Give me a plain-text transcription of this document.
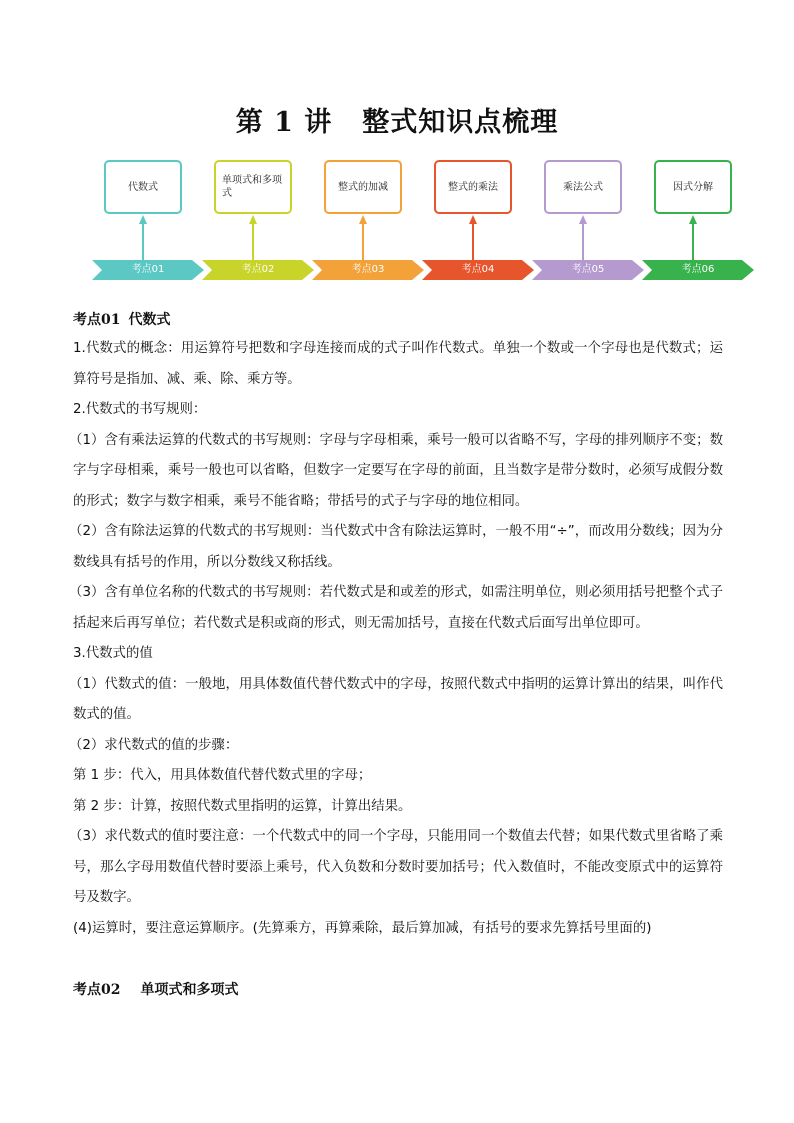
第 1 讲 整式知识点梳理
考点01
代数式
考点02
单项式和多项式
考点03
整式的加减
考点04
整式的乘法
考点05
乘法公式
考点06
因式分解
考点01 代数式

1.代数式的概念：用运算符号把数和字母连接而成的式子叫作代数式。单独一个数或一个字母也是代数式；运算符号是指加、减、乘、除、乘方等。

2.代数式的书写规则：

（1）含有乘法运算的代数式的书写规则：字母与字母相乘，乘号一般可以省略不写，字母的排列顺序不变；数字与字母相乘，乘号一般也可以省略，但数字一定要写在字母的前面，且当数字是带分数时，必须写成假分数的形式；数字与数字相乘，乘号不能省略；带括号的式子与字母的地位相同。

（2）含有除法运算的代数式的书写规则：当代数式中含有除法运算时，一般不用“÷”，而改用分数线；因为分数线具有括号的作用，所以分数线又称括线。

（3）含有单位名称的代数式的书写规则：若代数式是和或差的形式，如需注明单位，则必须用括号把整个式子括起来后再写单位；若代数式是积或商的形式，则无需加括号，直接在代数式后面写出单位即可。

3.代数式的值

（1）代数式的值：一般地，用具体数值代替代数式中的字母，按照代数式中指明的运算计算出的结果，叫作代数式的值。

（2）求代数式的值的步骤：

第 1 步：代入，用具体数值代替代数式里的字母；

第 2 步：计算，按照代数式里指明的运算，计算出结果。

（3）求代数式的值时要注意：一个代数式中的同一个字母，只能用同一个数值去代替；如果代数式里省略了乘号，那么字母用数值代替时要添上乘号，代入负数和分数时要加括号；代入数值时，不能改变原式中的运算符号及数字。

(4)运算时，要注意运算顺序。(先算乘方，再算乘除，最后算加减，有括号的要求先算括号里面的)

考点02 单项式和多项式
